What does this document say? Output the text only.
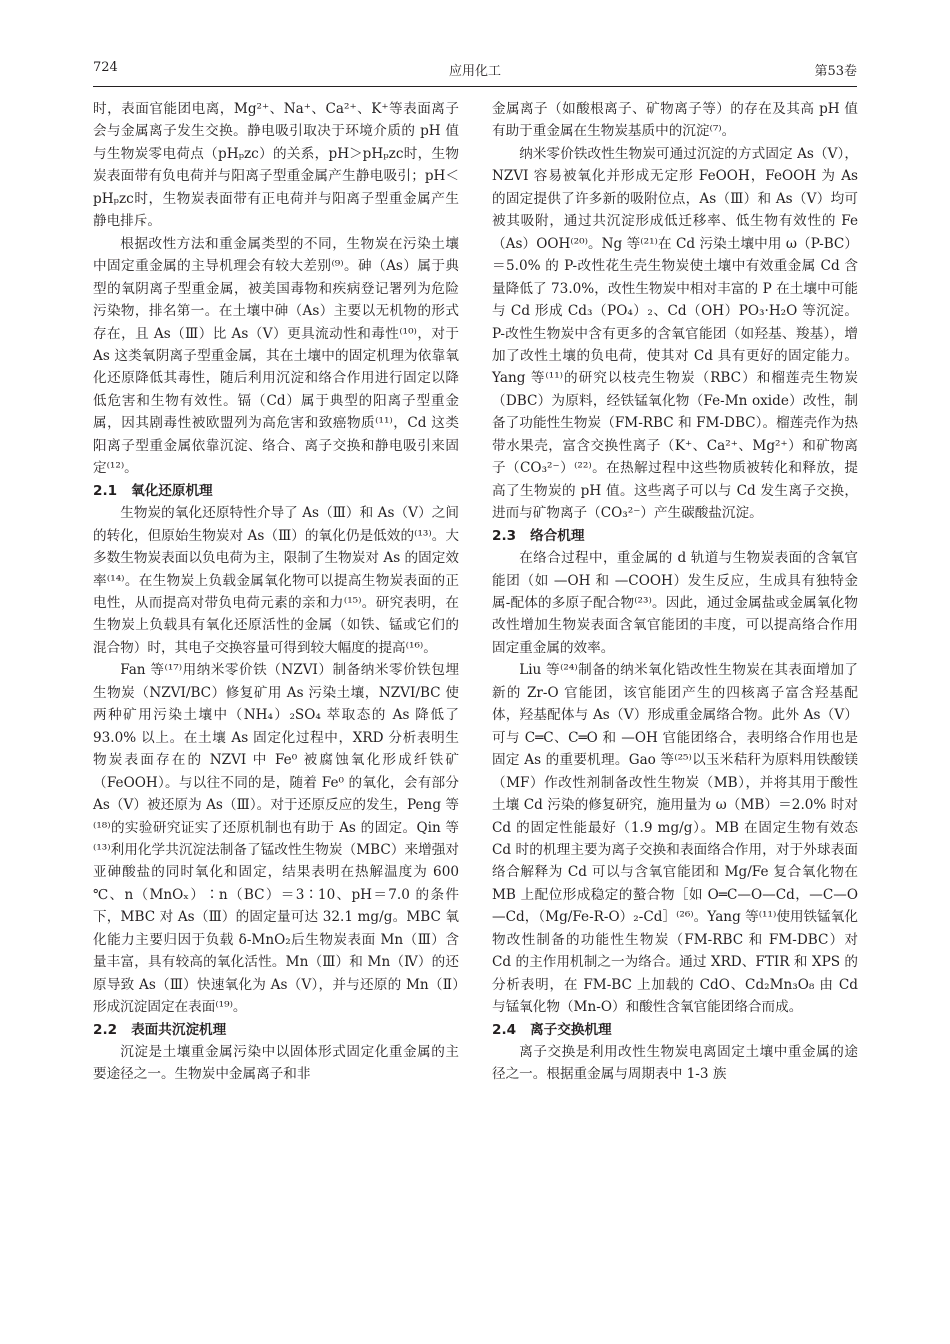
724	应用化工	第53卷

时，表面官能团电离，Mg²⁺、Na⁺、Ca²⁺、K⁺等表面离子会与金属离子发生交换。静电吸引取决于环境介质的 pH 值与生物炭零电荷点（pHₚzc）的关系，pH＞pHₚzc时，生物炭表面带有负电荷并与阳离子型重金属产生静电吸引；pH＜pHₚzc时，生物炭表面带有正电荷并与阳离子型重金属产生静电排斥。

根据改性方法和重金属类型的不同，生物炭在污染土壤中固定重金属的主导机理会有较大差别⁽⁹⁾。砷（As）属于典型的氧阴离子型重金属，被美国毒物和疾病登记署列为危险污染物，排名第一。在土壤中砷（As）主要以无机物的形式存在，且 As（Ⅲ）比 As（Ⅴ）更具流动性和毒性⁽¹⁰⁾，对于 As 这类氧阴离子型重金属，其在土壤中的固定机理为依靠氧化还原降低其毒性，随后利用沉淀和络合作用进行固定以降低危害和生物有效性。镉（Cd）属于典型的阳离子型重金属，因其剧毒性被欧盟列为高危害和致癌物质⁽¹¹⁾，Cd 这类阳离子型重金属依靠沉淀、络合、离子交换和静电吸引来固定⁽¹²⁾。

2.1 氧化还原机理

生物炭的氧化还原特性介导了 As（Ⅲ）和 As（Ⅴ）之间的转化，但原始生物炭对 As（Ⅲ）的氧化仍是低效的⁽¹³⁾。大多数生物炭表面以负电荷为主，限制了生物炭对 As 的固定效率⁽¹⁴⁾。在生物炭上负载金属氧化物可以提高生物炭表面的正电性，从而提高对带负电荷元素的亲和力⁽¹⁵⁾。研究表明，在生物炭上负载具有氧化还原活性的金属（如铁、锰或它们的混合物）时，其电子交换容量可得到较大幅度的提高⁽¹⁶⁾。

Fan 等⁽¹⁷⁾用纳米零价铁（NZVI）制备纳米零价铁包埋生物炭（NZVI/BC）修复矿用 As 污染土壤，NZVI/BC 使两种矿用污染土壤中（NH₄）₂SO₄ 萃取态的 As 降低了 93.0% 以上。在土壤 As 固定化过程中，XRD 分析表明生物炭表面存在的 NZVI 中 Fe⁰ 被腐蚀氧化形成纤铁矿（FeOOH）。与以往不同的是，随着 Fe⁰ 的氧化，会有部分 As（Ⅴ）被还原为 As（Ⅲ）。对于还原反应的发生，Peng 等⁽¹⁸⁾的实验研究证实了还原机制也有助于 As 的固定。Qin 等⁽¹³⁾利用化学共沉淀法制备了锰改性生物炭（MBC）来增强对亚砷酸盐的同时氧化和固定，结果表明在热解温度为 600 ℃、n（MnOₓ）∶n（BC）＝3∶10、pH＝7.0 的条件下，MBC 对 As（Ⅲ）的固定量可达 32.1 mg/g。MBC 氧化能力主要归因于负载 δ-MnO₂后生物炭表面 Mn（Ⅲ）含量丰富，具有较高的氧化活性。Mn（Ⅲ）和 Mn（Ⅳ）的还原导致 As（Ⅲ）快速氧化为 As（Ⅴ），并与还原的 Mn（Ⅱ）形成沉淀固定在表面⁽¹⁹⁾。

2.2 表面共沉淀机理

沉淀是土壤重金属污染中以固体形式固定化重金属的主要途径之一。生物炭中金属离子和非

金属离子（如酸根离子、矿物离子等）的存在及其高 pH 值有助于重金属在生物炭基质中的沉淀⁽⁷⁾。

纳米零价铁改性生物炭可通过沉淀的方式固定 As（Ⅴ），NZVI 容易被氧化并形成无定形 FeOOH，FeOOH 为 As 的固定提供了许多新的吸附位点，As（Ⅲ）和 As（Ⅴ）均可被其吸附，通过共沉淀形成低迁移率、低生物有效性的 Fe（As）OOH⁽²⁰⁾。Ng 等⁽²¹⁾在 Cd 污染土壤中用 ω（P-BC）＝5.0% 的 P-改性花生壳生物炭使土壤中有效重金属 Cd 含量降低了 73.0%，改性生物炭中相对丰富的 P 在土壤中可能与 Cd 形成 Cd₃（PO₄）₂、Cd（OH）PO₃·H₂O 等沉淀。P-改性生物炭中含有更多的含氧官能团（如羟基、羧基），增加了改性土壤的负电荷，使其对 Cd 具有更好的固定能力。Yang 等⁽¹¹⁾的研究以枝壳生物炭（RBC）和榴莲壳生物炭（DBC）为原料，经铁锰氧化物（Fe-Mn oxide）改性，制备了功能性生物炭（FM-RBC 和 FM-DBC）。榴莲壳作为热带水果壳，富含交换性离子（K⁺、Ca²⁺、Mg²⁺）和矿物离子（CO₃²⁻）⁽²²⁾。在热解过程中这些物质被转化和释放，提高了生物炭的 pH 值。这些离子可以与 Cd 发生离子交换，进而与矿物离子（CO₃²⁻）产生碳酸盐沉淀。

2.3 络合机理

在络合过程中，重金属的 d 轨道与生物炭表面的含氧官能团（如 —OH 和 —COOH）发生反应，生成具有独特金属-配体的多原子配合物⁽²³⁾。因此，通过金属盐或金属氧化物改性增加生物炭表面含氧官能团的丰度，可以提高络合作用固定重金属的效率。

Liu 等⁽²⁴⁾制备的纳米氧化锆改性生物炭在其表面增加了新的 Zr-O 官能团，该官能团产生的四核离子富含羟基配体，羟基配体与 As（Ⅴ）形成重金属络合物。此外 As（Ⅴ）可与 C═C、C═O 和 —OH 官能团络合，表明络合作用也是固定 As 的重要机理。Gao 等⁽²⁵⁾以玉米秸秆为原料用铁酸镁（MF）作改性剂制备改性生物炭（MB），并将其用于酸性土壤 Cd 污染的修复研究，施用量为 ω（MB）＝2.0% 时对 Cd 的固定性能最好（1.9 mg/g）。MB 在固定生物有效态 Cd 时的机理主要为离子交换和表面络合作用，对于外球表面络合解释为 Cd 可以与含氧官能团和 Mg/Fe 复合氧化物在 MB 上配位形成稳定的螯合物［如 O═C—O—Cd，—C—O—Cd，（Mg/Fe-R-O）₂-Cd］⁽²⁶⁾。Yang 等⁽¹¹⁾使用铁锰氧化物改性制备的功能性生物炭（FM-RBC 和 FM-DBC）对 Cd 的主作用机制之一为络合。通过 XRD、FTIR 和 XPS 的分析表明，在 FM-BC 上加载的 CdO、Cd₂Mn₃O₈ 由 Cd 与锰氧化物（Mn-O）和酸性含氧官能团络合而成。

2.4 离子交换机理

离子交换是利用改性生物炭电离固定土壤中重金属的途径之一。根据重金属与周期表中 1-3 族
